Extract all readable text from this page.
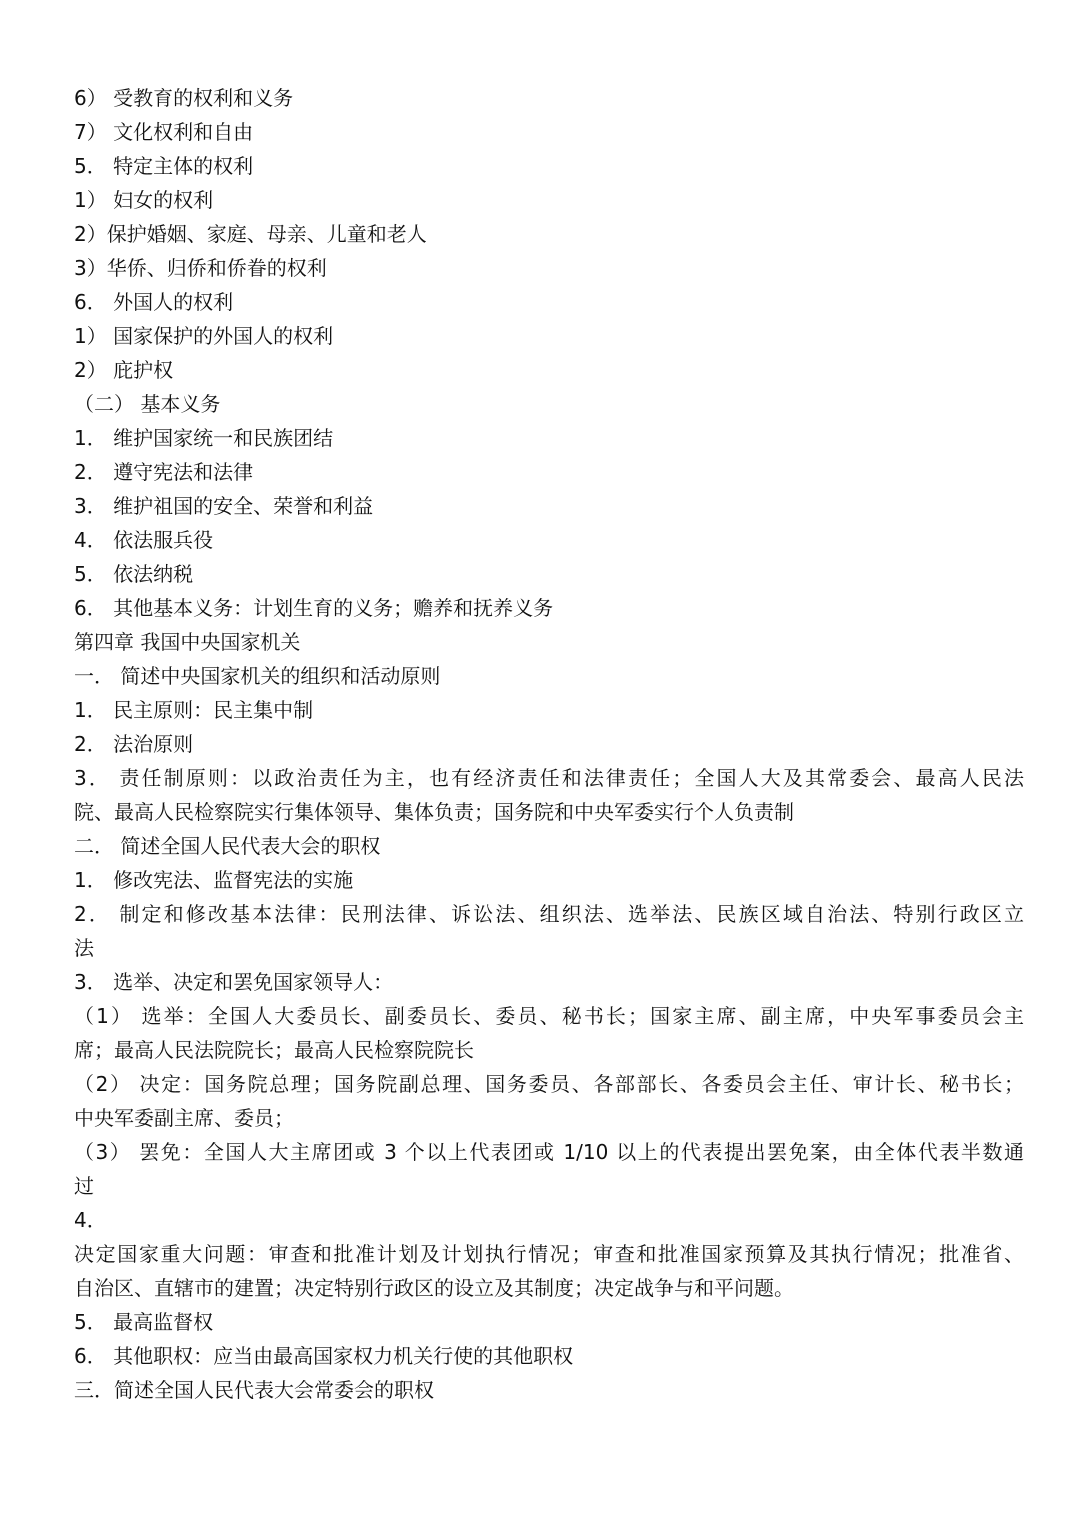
6） 受教育的权利和义务
7） 文化权利和自由
5． 特定主体的权利
1） 妇女的权利
2）保护婚姻、家庭、母亲、儿童和老人
3）华侨、归侨和侨眷的权利
6． 外国人的权利
1） 国家保护的外国人的权利
2） 庇护权
（二） 基本义务
1． 维护国家统一和民族团结
2． 遵守宪法和法律
3． 维护祖国的安全、荣誉和利益
4． 依法服兵役
5． 依法纳税
6． 其他基本义务：计划生育的义务；赡养和抚养义务
第四章 我国中央国家机关
一． 简述中央国家机关的组织和活动原则
1． 民主原则：民主集中制
2． 法治原则
3． 责任制原则：以政治责任为主，也有经济责任和法律责任；全国人大及其常委会、最高人民法
院、最高人民检察院实行集体领导、集体负责；国务院和中央军委实行个人负责制
二． 简述全国人民代表大会的职权
1． 修改宪法、监督宪法的实施
2． 制定和修改基本法律：民刑法律、诉讼法、组织法、选举法、民族区域自治法、特别行政区立
法
3． 选举、决定和罢免国家领导人：
（1） 选举：全国人大委员长、副委员长、委员、秘书长；国家主席、副主席，中央军事委员会主
席；最高人民法院院长；最高人民检察院院长
（2） 决定：国务院总理；国务院副总理、国务委员、各部部长、各委员会主任、审计长、秘书长；
中央军委副主席、委员；
（3） 罢免：全国人大主席团或 3 个以上代表团或 1/10 以上的代表提出罢免案，由全体代表半数通
过
4．
决定国家重大问题：审查和批准计划及计划执行情况；审查和批准国家预算及其执行情况；批准省、
自治区、直辖市的建置；决定特别行政区的设立及其制度；决定战争与和平问题。
5． 最高监督权
6． 其他职权：应当由最高国家权力机关行使的其他职权
三．简述全国人民代表大会常委会的职权
